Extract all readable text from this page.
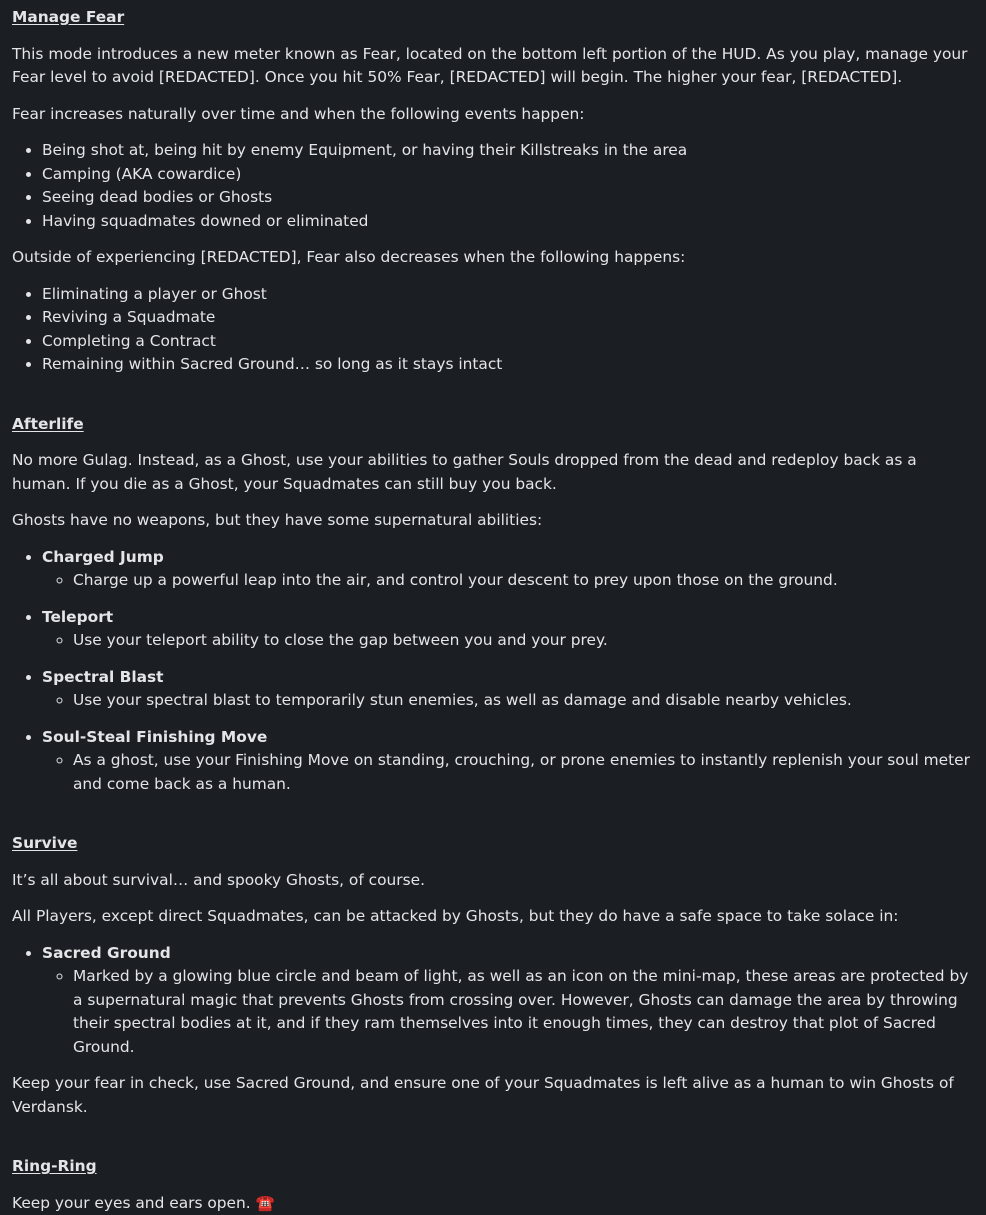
Manage Fear

This mode introduces a new meter known as Fear, located on the bottom left portion of the HUD. As you play, manage your Fear level to avoid [REDACTED]. Once you hit 50% Fear, [REDACTED] will begin. The higher your fear, [REDACTED].

Fear increases naturally over time and when the following events happen:

• Being shot at, being hit by enemy Equipment, or having their Killstreaks in the area
• Camping (AKA cowardice)
• Seeing dead bodies or Ghosts
• Having squadmates downed or eliminated

Outside of experiencing [REDACTED], Fear also decreases when the following happens:

• Eliminating a player or Ghost
• Reviving a Squadmate
• Completing a Contract
• Remaining within Sacred Ground… so long as it stays intact
Afterlife

No more Gulag. Instead, as a Ghost, use your abilities to gather Souls dropped from the dead and redeploy back as a human. If you die as a Ghost, your Squadmates can still buy you back.

Ghosts have no weapons, but they have some supernatural abilities:

• Charged Jump
◦ Charge up a powerful leap into the air, and control your descent to prey upon those on the ground.
• Teleport
◦ Use your teleport ability to close the gap between you and your prey.
• Spectral Blast
◦ Use your spectral blast to temporarily stun enemies, as well as damage and disable nearby vehicles.
• Soul-Steal Finishing Move
◦ As a ghost, use your Finishing Move on standing, crouching, or prone enemies to instantly replenish your soul meter and come back as a human.
Survive

It’s all about survival… and spooky Ghosts, of course.

All Players, except direct Squadmates, can be attacked by Ghosts, but they do have a safe space to take solace in:

• Sacred Ground
◦ Marked by a glowing blue circle and beam of light, as well as an icon on the mini-map, these areas are protected by a supernatural magic that prevents Ghosts from crossing over. However, Ghosts can damage the area by throwing their spectral bodies at it, and if they ram themselves into it enough times, they can destroy that plot of Sacred Ground.

Keep your fear in check, use Sacred Ground, and ensure one of your Squadmates is left alive as a human to win Ghosts of Verdansk.

Ring-Ring

Keep your eyes and ears open. ☎️
